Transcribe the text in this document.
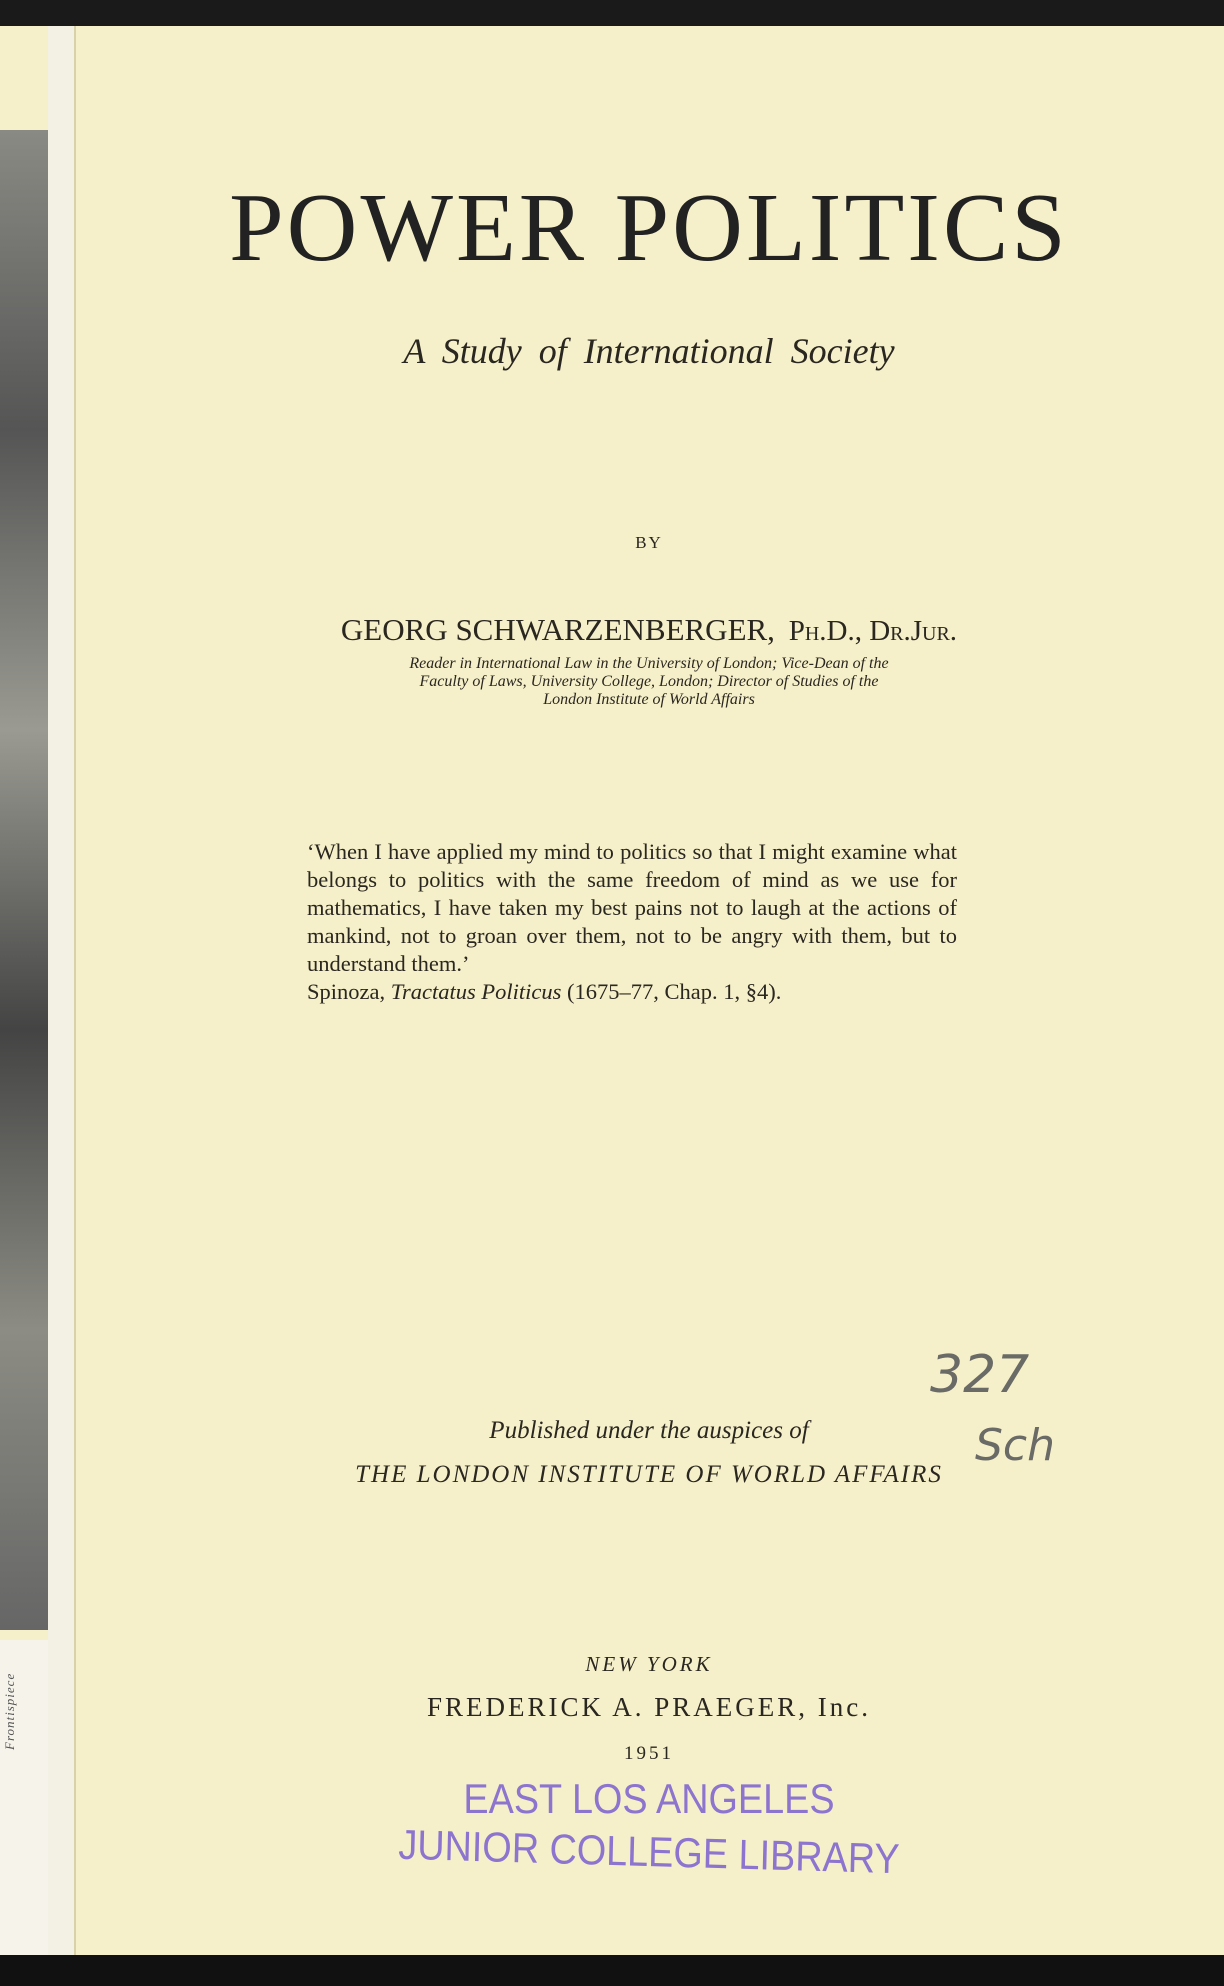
Frontispiece
POWER POLITICS
A Study of International Society
BY
GEORG SCHWARZENBERGER, Ph.D., Dr.Jur.
Reader in International Law in the University of London; Vice-Dean of the
Faculty of Laws, University College, London; Director of Studies of the
London Institute of World Affairs
‘When I have applied my mind to politics so that I might examine what belongs to politics with the same freedom of mind as we use for mathematics, I have taken my best pains not to laugh at the actions of mankind, not to groan over them, not to be angry with them, but to understand them.’
Spinoza, Tractatus Politicus (1675–77, Chap. 1, §4).
Published under the auspices of
THE LONDON INSTITUTE OF WORLD AFFAIRS
327
Sch
NEW YORK
FREDERICK A. PRAEGER, Inc.
1951
EAST LOS ANGELES
JUNIOR COLLEGE LIBRARY
